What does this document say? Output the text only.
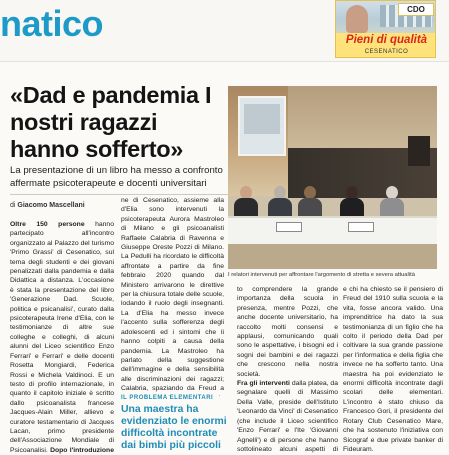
natico	CDO
Pieni di qualità
CESENATICO
«Dad e pandemia I nostri ragazzi hanno sofferto»
La presentazione di un libro ha messo a confronto affermate psicoterapeute e docenti universitari
di Giacomo Mascellani
I relatori intervenuti per affrontare l'argomento di stretta e severa attualità
Oltre 150 persone hanno partecipato all'incontro organizzato al Palazzo del turismo 'Primo Grassi' di Cesenatico, sul tema degli studenti e dei giovani penalizzati dalla pandemia e dalla Didattica a distanza. L'occasione è stata la presentazione del libro 'Generazione Dad. Scuole, politica e psicanalisi', curato dalla psicoterapeuta Irene d'Elia, con le testimonianze di altre sue colleghe e colleghi, di alcuni alunni del Liceo scientifico Enzo Ferrari' e Ferrari' e delle docenti Rosetta Mongiardi, Federica Rossi e Michela Valdinoci. E un testo di profilo internazionale, in quanto il capitolo iniziale è scritto dallo psicoanalista francese Jacques-Alain Miller, allievo e curatore testamentario di Jacques Lacan, primo presidente dell'Associazione Mondiale di Psicoanalisi. Dopo l'introduzione
ne di Cesenatico, assieme alla d'Elia sono intervenuti la psicoterapeuta Aurora Mastroleo di Milano e gli psicoanalisti Raffaele Calabria di Ravenna e Giuseppe Oreste Pozzi di Milano. La Pedulli ha ricordato le difficoltà affrontate a partire da fine febbraio 2020 quando dal Ministero arrivarono le direttive per la chiusura totale delle scuole, lodando il ruolo degli insegnanti. La d'Elia ha messo invece l'accento sulla sofferenza degli adolescenti ed i sintomi che li hanno colpiti a causa della pandemia. La Mastroleo ha parlato della suggestione dell'immagine e della sensibilità alle discriminazioni dei ragazzi; Calabria, spaziando da Freud a
IL PROBLEMA ELEMENTARI
Una maestra ha evidenziato le enormi difficoltà incontrate dai bimbi più piccoli
to comprendere la grande importanza della scuola in presenza, mentre Pozzi, che anche docente universitario, ha raccolto molti consensi e applausi, comunicando quali sono le aspettative, i bisogni ed i sogni dei bambini e dei ragazzi che crescono nella nostra società.
Fra gli interventi dalla platea, da segnalare quelli di Massimo Della Valle, preside dell'Istituto 'Leonardo da Vinci' di Cesenatico (che include il Liceo scientifico 'Enzo Ferrari' e l'Ite 'Giovanni Agnelli') e di persone che hanno sottolineato alcuni aspetti di
e chi ha chiesto se il pensiero di Freud del 1910 sulla scuola e la vita, fosse ancora valido. Una imprenditrice ha dato la sua testimonianza di un figlio che ha colto il periodo della Dad per coltivare la sua grande passione per l'informatica e della figlia che invece ne ha sofferto tanto. Una maestra ha poi evidenziato le enormi difficoltà incontrate dagli scolari delle elementari. L'incontro è stato chiuso da Francesco Gori, il presidente del Rotary Club Cesenatico Mare, che ha sostenuto l'iniziativa con Sicograf e due private banker di Fideuram.
